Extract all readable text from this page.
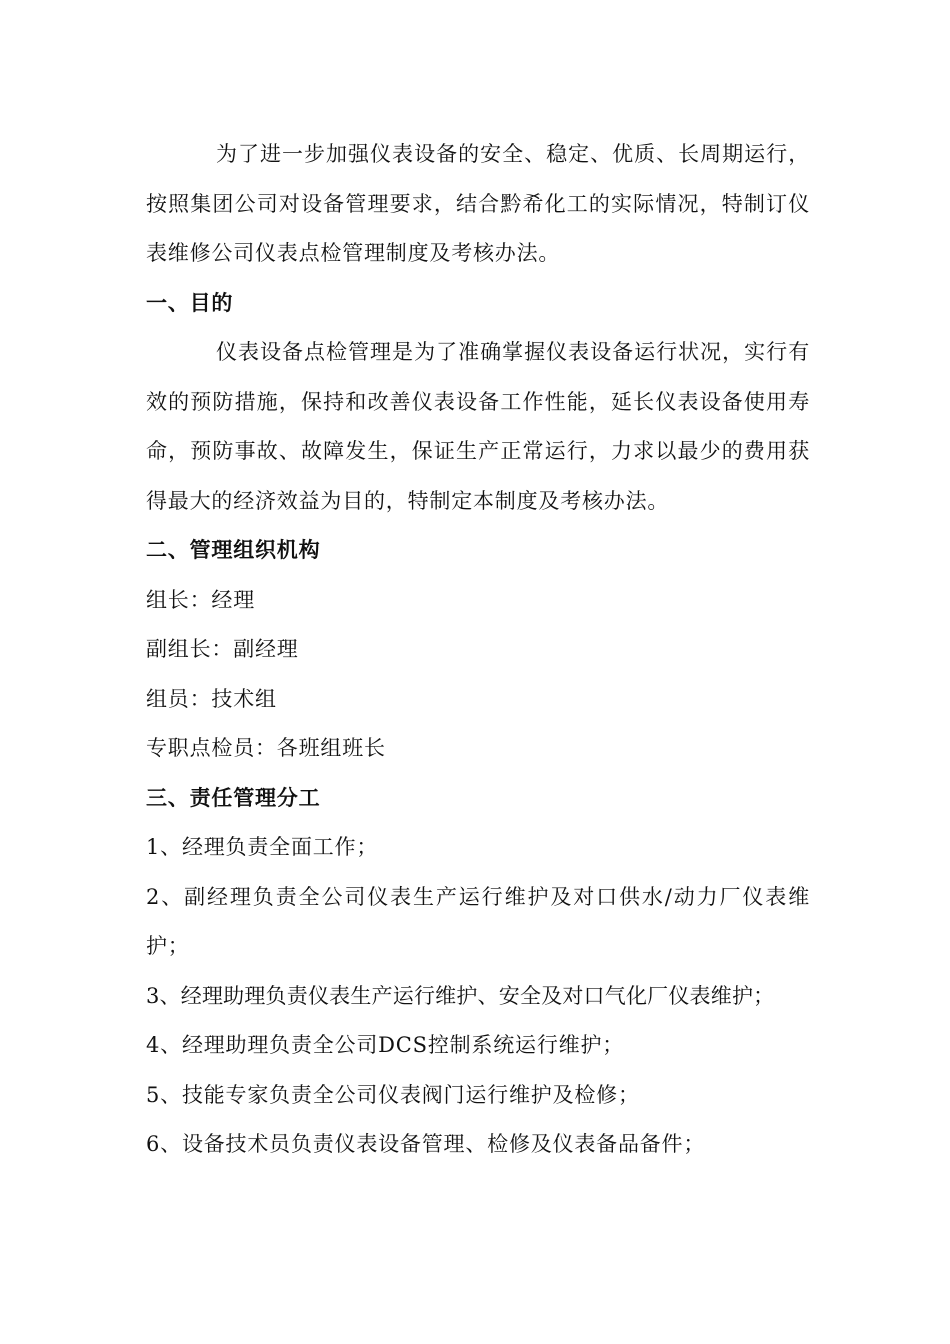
为了进一步加强仪表设备的安全、稳定、优质、长周期运行，按照集团公司对设备管理要求，结合黔希化工的实际情况，特制订仪表维修公司仪表点检管理制度及考核办法。

一、目的

仪表设备点检管理是为了准确掌握仪表设备运行状况，实行有效的预防措施，保持和改善仪表设备工作性能，延长仪表设备使用寿命，预防事故、故障发生，保证生产正常运行，力求以最少的费用获得最大的经济效益为目的，特制定本制度及考核办法。

二、管理组织机构

组长：经理

副组长：副经理

组员：技术组

专职点检员：各班组班长

三、责任管理分工

1、经理负责全面工作；

2、副经理负责全公司仪表生产运行维护及对口供水/动力厂仪表维护；

3、经理助理负责仪表生产运行维护、安全及对口气化厂仪表维护；

4、经理助理负责全公司DCS控制系统运行维护；

5、技能专家负责全公司仪表阀门运行维护及检修；

6、设备技术员负责仪表设备管理、检修及仪表备品备件；
